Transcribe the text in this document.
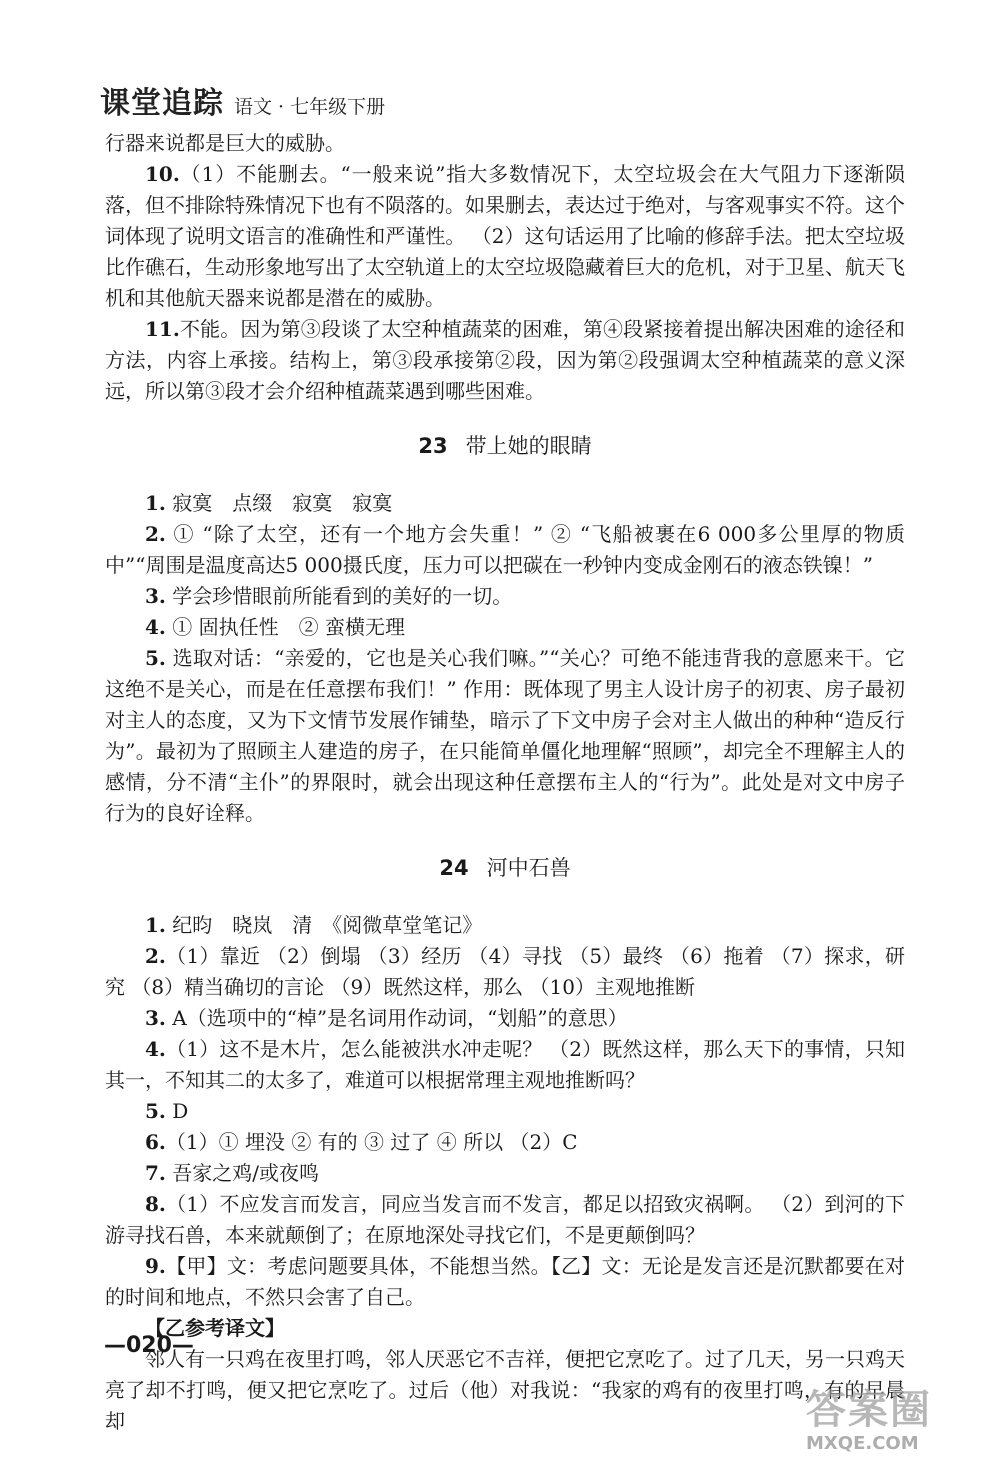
课堂追踪 语文 · 七年级下册

行器来说都是巨大的威胁。

10.（1）不能删去。“一般来说”指大多数情况下，太空垃圾会在大气阻力下逐渐陨落，但不排除特殊情况下也有不陨落的。如果删去，表达过于绝对，与客观事实不符。这个词体现了说明文语言的准确性和严谨性。 （2）这句话运用了比喻的修辞手法。把太空垃圾比作礁石，生动形象地写出了太空轨道上的太空垃圾隐藏着巨大的危机，对于卫星、航天飞机和其他航天器来说都是潜在的威胁。

11.不能。因为第③段谈了太空种植蔬菜的困难，第④段紧接着提出解决困难的途径和方法，内容上承接。结构上，第③段承接第②段，因为第②段强调太空种植蔬菜的意义深远，所以第③段才会介绍种植蔬菜遇到哪些困难。

23 带上她的眼睛

1. 寂寞　点缀　寂寞　寂寞

2. ① “除了太空，还有一个地方会失重！” ② “飞船被裹在6 000多公里厚的物质中”“周围是温度高达5 000摄氏度，压力可以把碳在一秒钟内变成金刚石的液态铁镍！”

3. 学会珍惜眼前所能看到的美好的一切。

4. ① 固执任性　② 蛮横无理

5. 选取对话：“亲爱的，它也是关心我们嘛。”“关心？可绝不能违背我的意愿来干。它这绝不是关心，而是在任意摆布我们！” 作用：既体现了男主人设计房子的初衷、房子最初对主人的态度，又为下文情节发展作铺垫，暗示了下文中房子会对主人做出的种种“造反行为”。最初为了照顾主人建造的房子，在只能简单僵化地理解“照顾”，却完全不理解主人的感情，分不清“主仆”的界限时，就会出现这种任意摆布主人的“行为”。此处是对文中房子行为的良好诠释。

24 河中石兽

1. 纪昀　晓岚　清　《阅微草堂笔记》

2.（1）靠近 （2）倒塌 （3）经历 （4）寻找 （5）最终 （6）拖着 （7）探求，研究 （8）精当确切的言论 （9）既然这样，那么 （10）主观地推断

3. A（选项中的“棹”是名词用作动词，“划船”的意思）

4.（1）这不是木片，怎么能被洪水冲走呢？ （2）既然这样，那么天下的事情，只知其一，不知其二的太多了，难道可以根据常理主观地推断吗？

5. D

6.（1）① 埋没 ② 有的 ③ 过了 ④ 所以 （2）C

7. 吾家之鸡/或夜鸣

8.（1）不应发言而发言，同应当发言而不发言，都足以招致灾祸啊。 （2）到河的下游寻找石兽，本来就颠倒了；在原地深处寻找它们，不是更颠倒吗？

9.【甲】文：考虑问题要具体，不能想当然。【乙】文：无论是发言还是沉默都要在对的时间和地点，不然只会害了自己。

【乙参考译文】

邻人有一只鸡在夜里打鸣，邻人厌恶它不吉祥，便把它烹吃了。过了几天，另一只鸡天亮了却不打鸣，便又把它烹吃了。过后（他）对我说：“我家的鸡有的夜里打鸣，有的早晨却

—020—
答案圈
MXQE.COM
